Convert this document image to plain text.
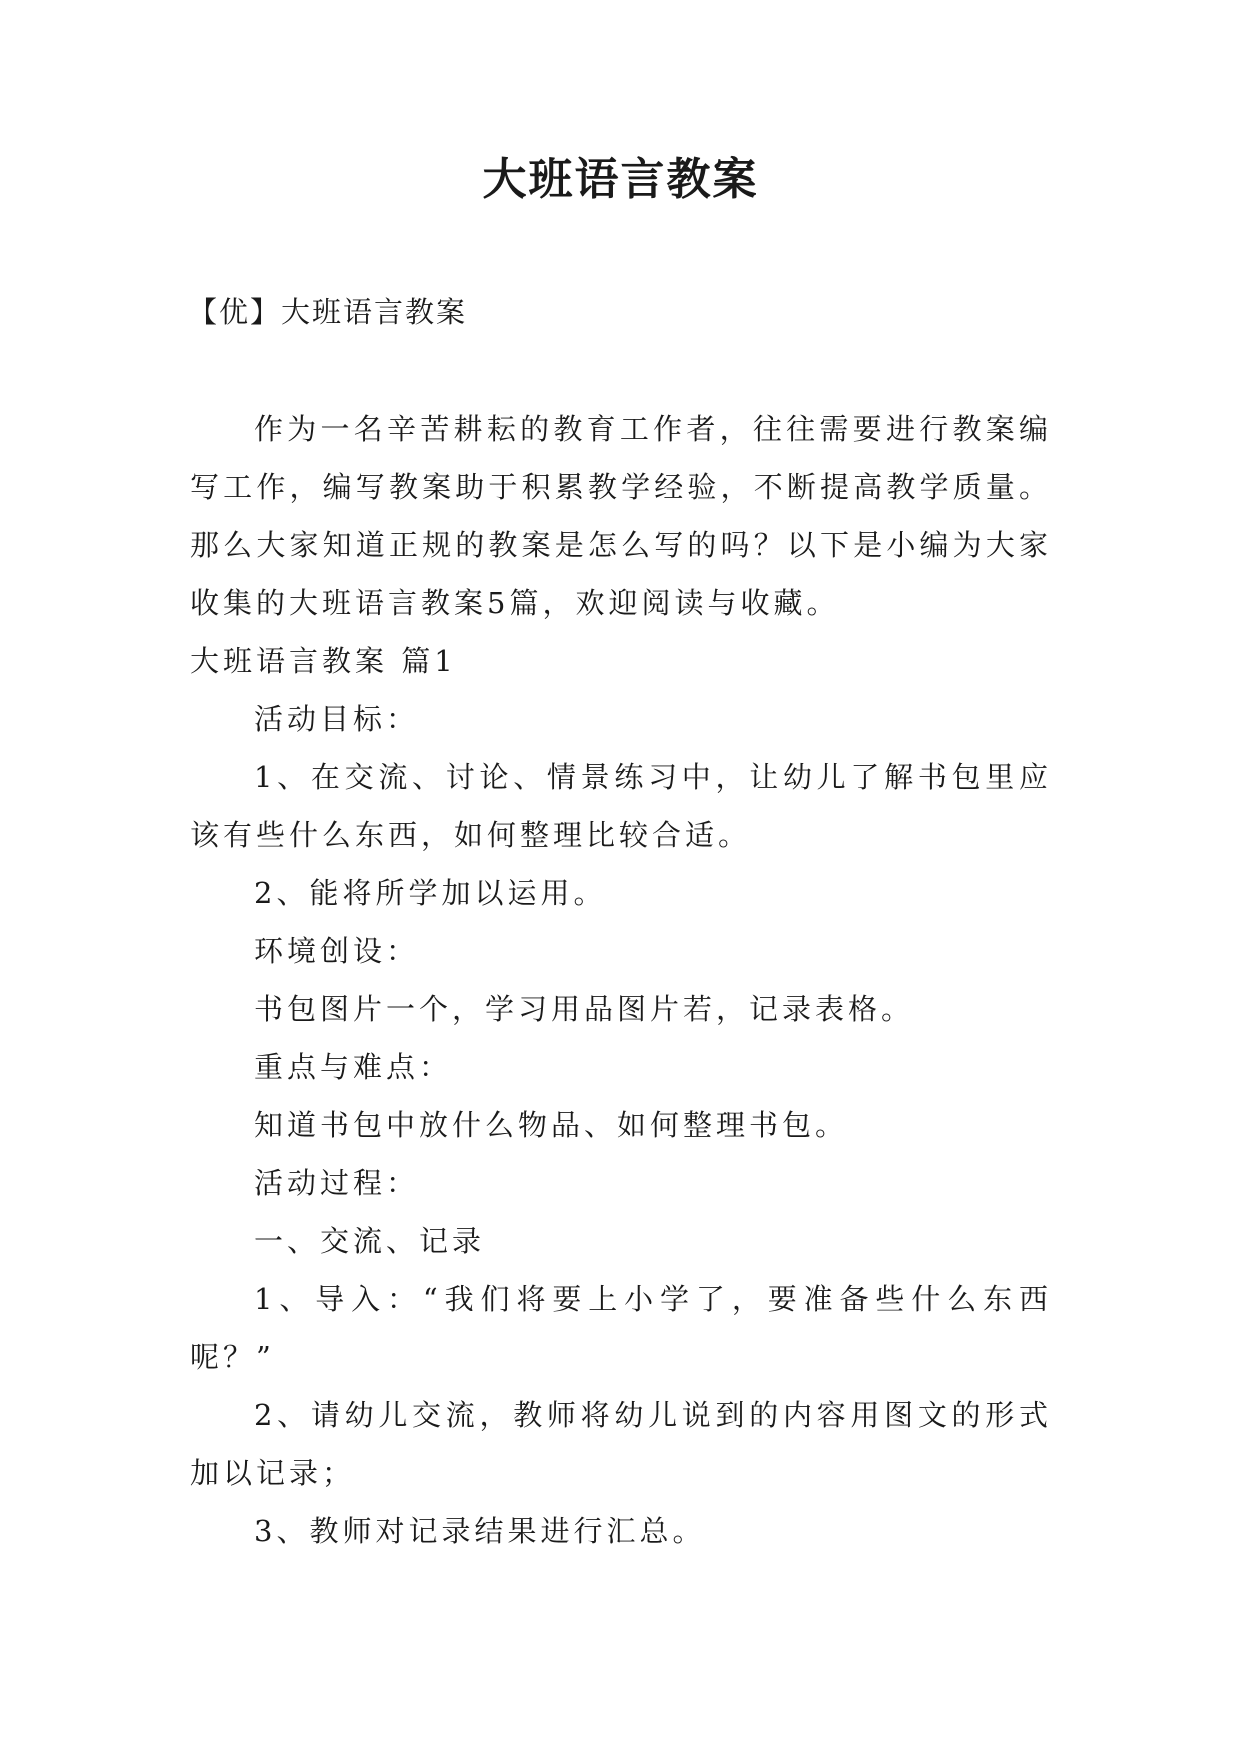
大班语言教案
【优】大班语言教案

作为一名辛苦耕耘的教育工作者，往往需要进行教案编写工作，编写教案助于积累教学经验，不断提高教学质量。那么大家知道正规的教案是怎么写的吗？以下是小编为大家收集的大班语言教案5篇，欢迎阅读与收藏。

大班语言教案 篇1

活动目标：

1、在交流、讨论、情景练习中，让幼儿了解书包里应该有些什么东西，如何整理比较合适。

2、能将所学加以运用。

环境创设：

书包图片一个，学习用品图片若，记录表格。

重点与难点：

知道书包中放什么物品、如何整理书包。

活动过程：

一、交流、记录

1、导入：“我们将要上小学了，要准备些什么东西呢？”

2、请幼儿交流，教师将幼儿说到的内容用图文的形式加以记录；

3、教师对记录结果进行汇总。
